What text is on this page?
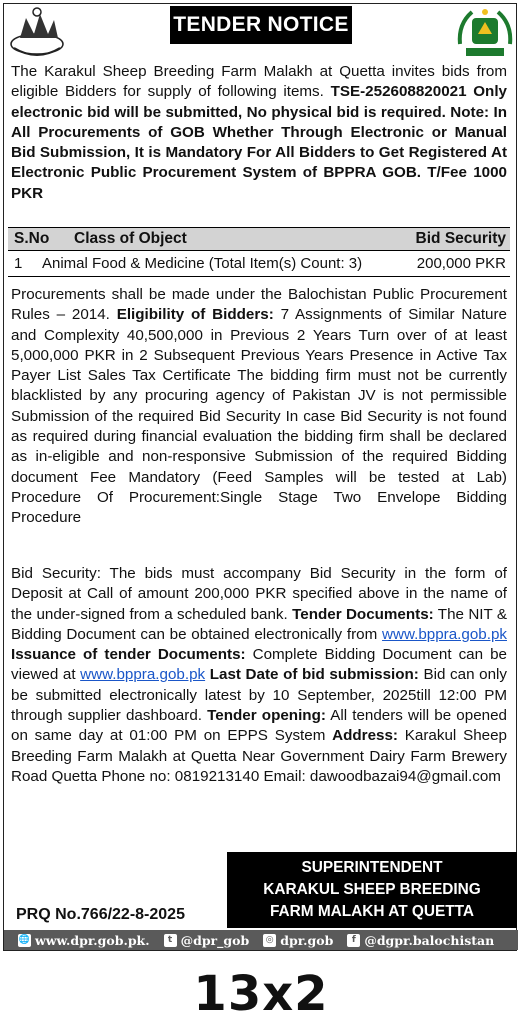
TENDER NOTICE
The Karakul Sheep Breeding Farm Malakh at Quetta invites bids from eligible Bidders for supply of following items. TSE-252608820021 Only electronic bid will be submitted, No physical bid is required. Note: In All Procurements of GOB Whether Through Electronic or Manual Bid Submission, It is Mandatory For All Bidders to Get Registered At Electronic Public Procurement System of BPPRA GOB. T/Fee 1000 PKR
S.No Class of Object	Bid Security
1 Animal Food & Medicine (Total Item(s) Count: 3)	200,000 PKR
Procurements shall be made under the Balochistan Public Procurement Rules – 2014. Eligibility of Bidders: 7 Assignments of Similar Nature and Complexity 40,500,000 in Previous 2 Years Turn over of at least 5,000,000 PKR in 2 Subsequent Previous Years Presence in Active Tax Payer List Sales Tax Certificate The bidding firm must not be currently blacklisted by any procuring agency of Pakistan JV is not permissible Submission of the required Bid Security In case Bid Security is not found as required during financial evaluation the bidding firm shall be declared as in-eligible and non-responsive Submission of the required Bidding document Fee Mandatory (Feed Samples will be tested at Lab) Procedure Of Procurement:Single Stage Two Envelope Bidding Procedure
Bid Security: The bids must accompany Bid Security in the form of Deposit at Call of amount 200,000 PKR specified above in the name of the under-signed from a scheduled bank. Tender Documents: The NIT & Bidding Document can be obtained electronically from www.bppra.gob.pk Issuance of tender Documents: Complete Bidding Document can be viewed at www.bppra.gob.pk Last Date of bid submission: Bid can only be submitted electronically latest by 10 September, 2025till 12:00 PM through supplier dashboard. Tender opening: All tenders will be opened on same day at 01:00 PM on EPPS System Address: Karakul Sheep Breeding Farm Malakh at Quetta Near Government Dairy Farm Brewery Road Quetta Phone no: 0819213140 Email: dawoodbazai94@gmail.com
SUPERINTENDENT
KARAKUL SHEEP BREEDING
FARM MALAKH AT QUETTA
PRQ No.766/22-8-2025
🌐 www.dpr.gob.pk.	t @dpr_gob ◎ dpr.gob	f @dgpr.balochistan
13x2
